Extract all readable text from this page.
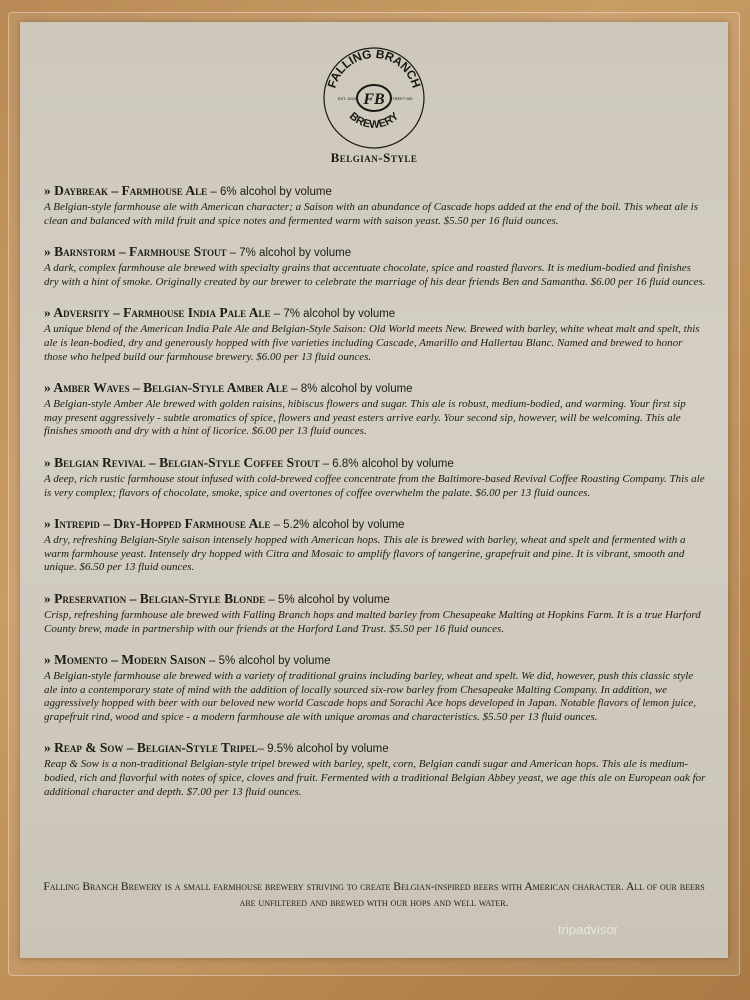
FALLING BRANCH
BREWERY
FB
EST. 2015	STREET MD
Belgian-Style
» Daybreak – Farmhouse Ale – 6% alcohol by volume
A Belgian-style farmhouse ale with American character; a Saison with an abundance of Cascade hops added at the end of the boil. This wheat ale is clean and balanced with mild fruit and spice notes and fermented warm with saison yeast. $5.50 per 16 fluid ounces.
» Barnstorm – Farmhouse Stout – 7% alcohol by volume
A dark, complex farmhouse ale brewed with specialty grains that accentuate chocolate, spice and roasted flavors. It is medium-bodied and finishes dry with a hint of smoke. Originally created by our brewer to celebrate the marriage of his dear friends Ben and Samantha. $6.00 per 16 fluid ounces.
» Adversity – Farmhouse India Pale Ale – 7% alcohol by volume
A unique blend of the American India Pale Ale and Belgian-Style Saison: Old World meets New. Brewed with barley, white wheat malt and spelt, this ale is lean-bodied, dry and generously hopped with five varieties including Cascade, Amarillo and Hallertau Blanc. Named and brewed to honor those who helped build our farmhouse brewery. $6.00 per 13 fluid ounces.
» Amber Waves – Belgian-Style Amber Ale – 8% alcohol by volume
A Belgian-style Amber Ale brewed with golden raisins, hibiscus flowers and sugar. This ale is robust, medium-bodied, and warming. Your first sip may present aggressively - subtle aromatics of spice, flowers and yeast esters arrive early. Your second sip, however, will be welcoming. This ale finishes smooth and dry with a hint of licorice. $6.00 per 13 fluid ounces.
» Belgian Revival – Belgian-Style Coffee Stout – 6.8% alcohol by volume
A deep, rich rustic farmhouse stout infused with cold-brewed coffee concentrate from the Baltimore-based Revival Coffee Roasting Company. This ale is very complex; flavors of chocolate, smoke, spice and overtones of coffee overwhelm the palate. $6.00 per 13 fluid ounces.
» Intrepid – Dry-Hopped Farmhouse Ale – 5.2% alcohol by volume
A dry, refreshing Belgian-Style saison intensely hopped with American hops. This ale is brewed with barley, wheat and spelt and fermented with a warm farmhouse yeast. Intensely dry hopped with Citra and Mosaic to amplify flavors of tangerine, grapefruit and pine. It is vibrant, smooth and unique. $6.50 per 13 fluid ounces.
» Preservation – Belgian-Style Blonde – 5% alcohol by volume
Crisp, refreshing farmhouse ale brewed with Falling Branch hops and malted barley from Chesapeake Malting at Hopkins Farm. It is a true Harford County brew, made in partnership with our friends at the Harford Land Trust. $5.50 per 16 fluid ounces.
» Momento – Modern Saison – 5% alcohol by volume
A Belgian-style farmhouse ale brewed with a variety of traditional grains including barley, wheat and spelt. We did, however, push this classic style ale into a contemporary state of mind with the addition of locally sourced six-row barley from Chesapeake Malting Company. In addition, we aggressively hopped with beer with our beloved new world Cascade hops and Sorachi Ace hops developed in Japan. Notable flavors of lemon juice, grapefruit rind, wood and spice - a modern farmhouse ale with unique aromas and characteristics. $5.50 per 13 fluid ounces.
» Reap & Sow – Belgian-Style Tripel– 9.5% alcohol by volume
Reap & Sow is a non-traditional Belgian-style tripel brewed with barley, spelt, corn, Belgian candi sugar and American hops. This ale is medium-bodied, rich and flavorful with notes of spice, cloves and fruit. Fermented with a traditional Belgian Abbey yeast, we age this ale on European oak for additional character and depth. $7.00 per 13 fluid ounces.
Falling Branch Brewery is a small farmhouse brewery striving to create Belgian-inspired beers with American character. All of our beers are unfiltered and brewed with our hops and well water.
tripadvisor
